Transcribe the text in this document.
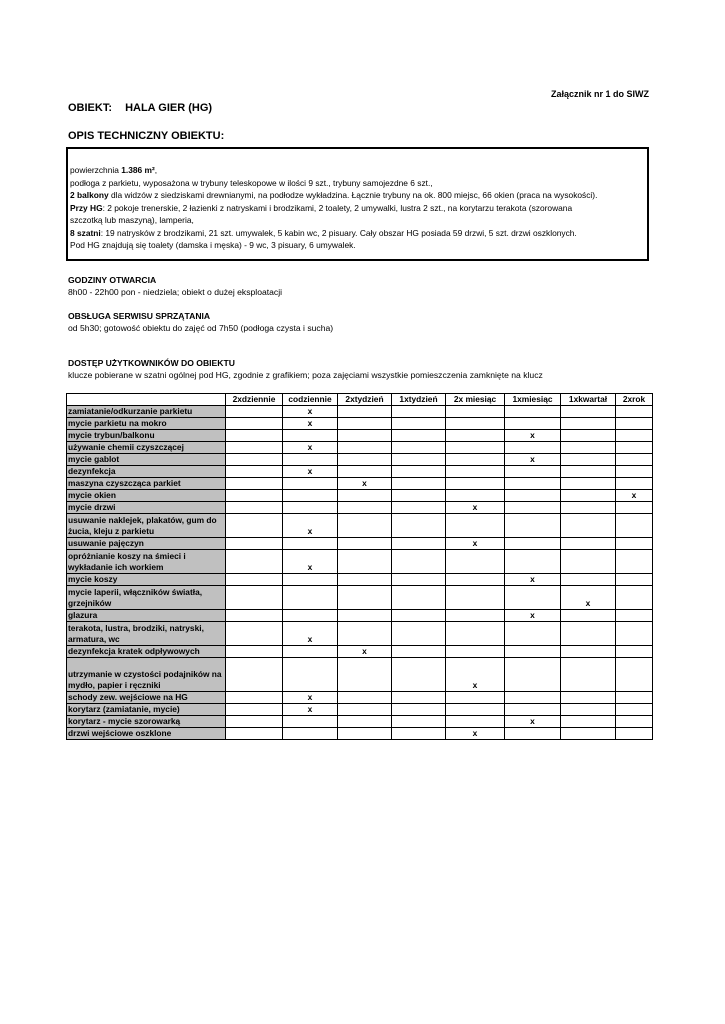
Załącznik nr 1 do SIWZ
OBIEKT: HALA GIER (HG)
OPIS TECHNICZNY OBIEKTU:
powierzchnia 1.386 m²,
podłoga z parkietu, wyposażona w trybuny teleskopowe w ilości 9 szt., trybuny samojezdne 6 szt.,
2 balkony dla widzów z siedziskami drewnianymi, na podłodze wykładzina. Łącznie trybuny na ok. 800 miejsc, 66 okien (praca na wysokości).
Przy HG: 2 pokoje trenerskie, 2 łazienki z natryskami i brodzikami, 2 toalety, 2 umywalki, lustra 2 szt., na korytarzu terakota (szorowana
szczotką lub maszyną), lamperia,
8 szatni: 19 natrysków z brodzikami, 21 szt. umywalek, 5 kabin wc, 2 pisuary. Cały obszar HG posiada 59 drzwi, 5 szt. drzwi oszklonych.
Pod HG znajdują się toalety (damska i męska) - 9 wc, 3 pisuary, 6 umywalek.
GODZINY OTWARCIA
8h00 - 22h00 pon - niedziela; obiekt o dużej eksploatacji
OBSŁUGA SERWISU SPRZĄTANIA
od 5h30; gotowość obiektu do zajęć od 7h50 (podłoga czysta i sucha)
DOSTĘP UŻYTKOWNIKÓW DO OBIEKTU
klucze pobierane w szatni ogólnej pod HG, zgodnie z grafikiem; poza zajęciami wszystkie pomieszczenia zamknięte na klucz
	2xdziennie	codziennie	2xtydzień	1xtydzień	2x miesiąc	1xmiesiąc	1xkwartał	2xrok
zamiatanie/odkurzanie parkietu		x						
mycie parkietu na mokro		x						
mycie trybun/balkonu						x		
używanie chemii czyszczącej		x						
mycie gablot						x		
dezynfekcja		x						
maszyna czyszcząca parkiet			x					
mycie okien								x
mycie drzwi					x			
usuwanie naklejek, plakatów, gum do żucia, kleju z parkietu		x						
usuwanie pajęczyn					x			
opróżnianie koszy na śmieci i wykładanie ich workiem		x						
mycie koszy						x		
mycie laperii, włączników światła, grzejników							x	
glazura						x		
terakota, lustra, brodziki, natryski, armatura, wc		x						
dezynfekcja kratek odpływowych			x					
utrzymanie w czystości podajników na mydło, papier i ręczniki					x			
schody zew. wejściowe na HG		x						
korytarz (zamiatanie, mycie)		x						
korytarz - mycie szorowarką						x		
drzwi wejściowe oszklone					x			
